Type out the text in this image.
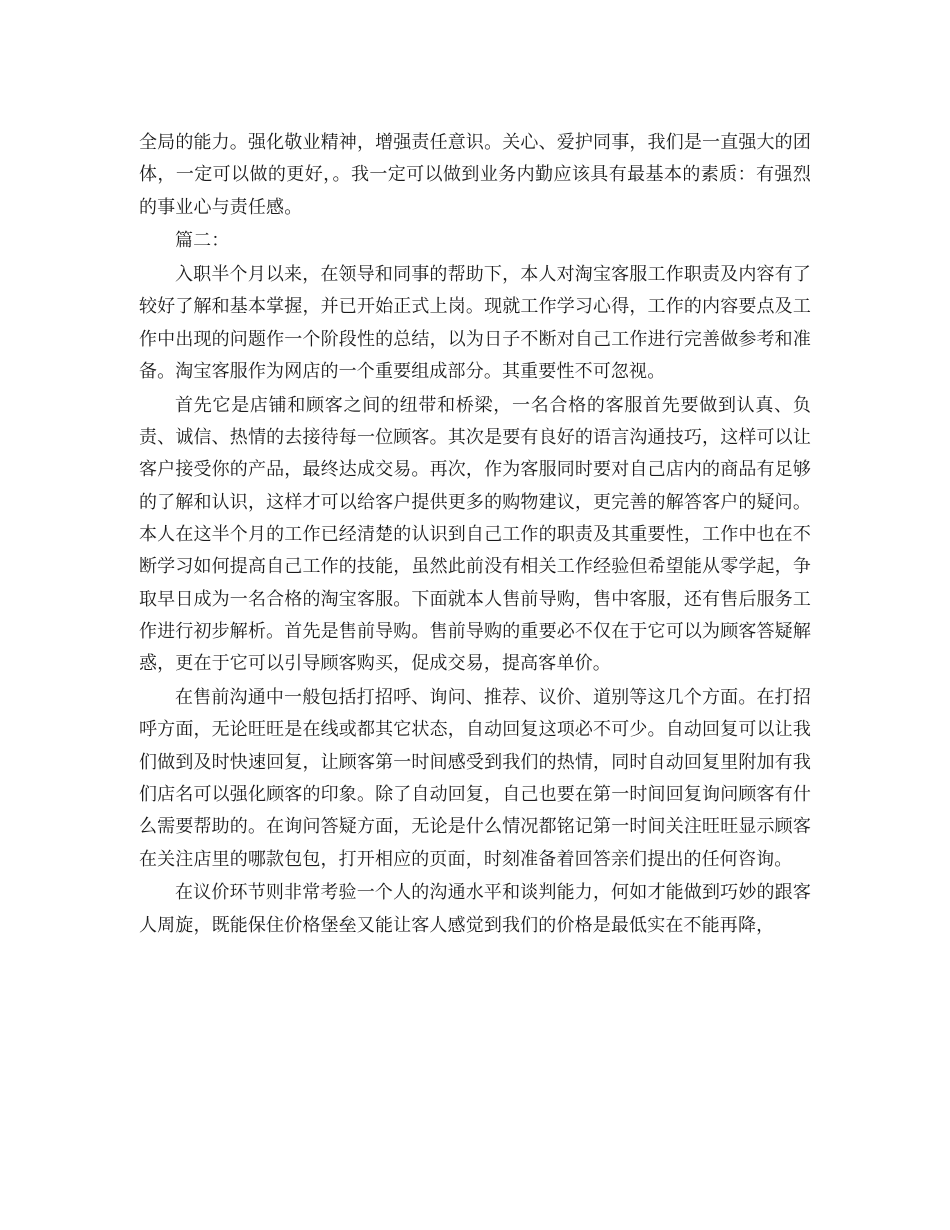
全局的能力。强化敬业精神，增强责任意识。关心、爱护同事，我们是一直强大的团体，一定可以做的更好，。我一定可以做到业务内勤应该具有最基本的素质：有强烈的事业心与责任感。

篇二：

入职半个月以来，在领导和同事的帮助下，本人对淘宝客服工作职责及内容有了较好了解和基本掌握，并已开始正式上岗。现就工作学习心得，工作的内容要点及工作中出现的问题作一个阶段性的总结，以为日子不断对自己工作进行完善做参考和准备。淘宝客服作为网店的一个重要组成部分。其重要性不可忽视。

首先它是店铺和顾客之间的纽带和桥梁，一名合格的客服首先要做到认真、负责、诚信、热情的去接待每一位顾客。其次是要有良好的语言沟通技巧，这样可以让客户接受你的产品，最终达成交易。再次，作为客服同时要对自己店内的商品有足够的了解和认识，这样才可以给客户提供更多的购物建议，更完善的解答客户的疑问。本人在这半个月的工作已经清楚的认识到自己工作的职责及其重要性，工作中也在不断学习如何提高自己工作的技能，虽然此前没有相关工作经验但希望能从零学起，争取早日成为一名合格的淘宝客服。下面就本人售前导购，售中客服，还有售后服务工作进行初步解析。首先是售前导购。售前导购的重要必不仅在于它可以为顾客答疑解惑，更在于它可以引导顾客购买，促成交易，提高客单价。

在售前沟通中一般包括打招呼、询问、推荐、议价、道别等这几个方面。在打招呼方面，无论旺旺是在线或都其它状态，自动回复这项必不可少。自动回复可以让我们做到及时快速回复，让顾客第一时间感受到我们的热情，同时自动回复里附加有我们店名可以强化顾客的印象。除了自动回复，自己也要在第一时间回复询问顾客有什么需要帮助的。在询问答疑方面，无论是什么情况都铭记第一时间关注旺旺显示顾客在关注店里的哪款包包，打开相应的页面，时刻准备着回答亲们提出的任何咨询。

在议价环节则非常考验一个人的沟通水平和谈判能力，何如才能做到巧妙的跟客人周旋，既能保住价格堡垒又能让客人感觉到我们的价格是最低实在不能再降，
